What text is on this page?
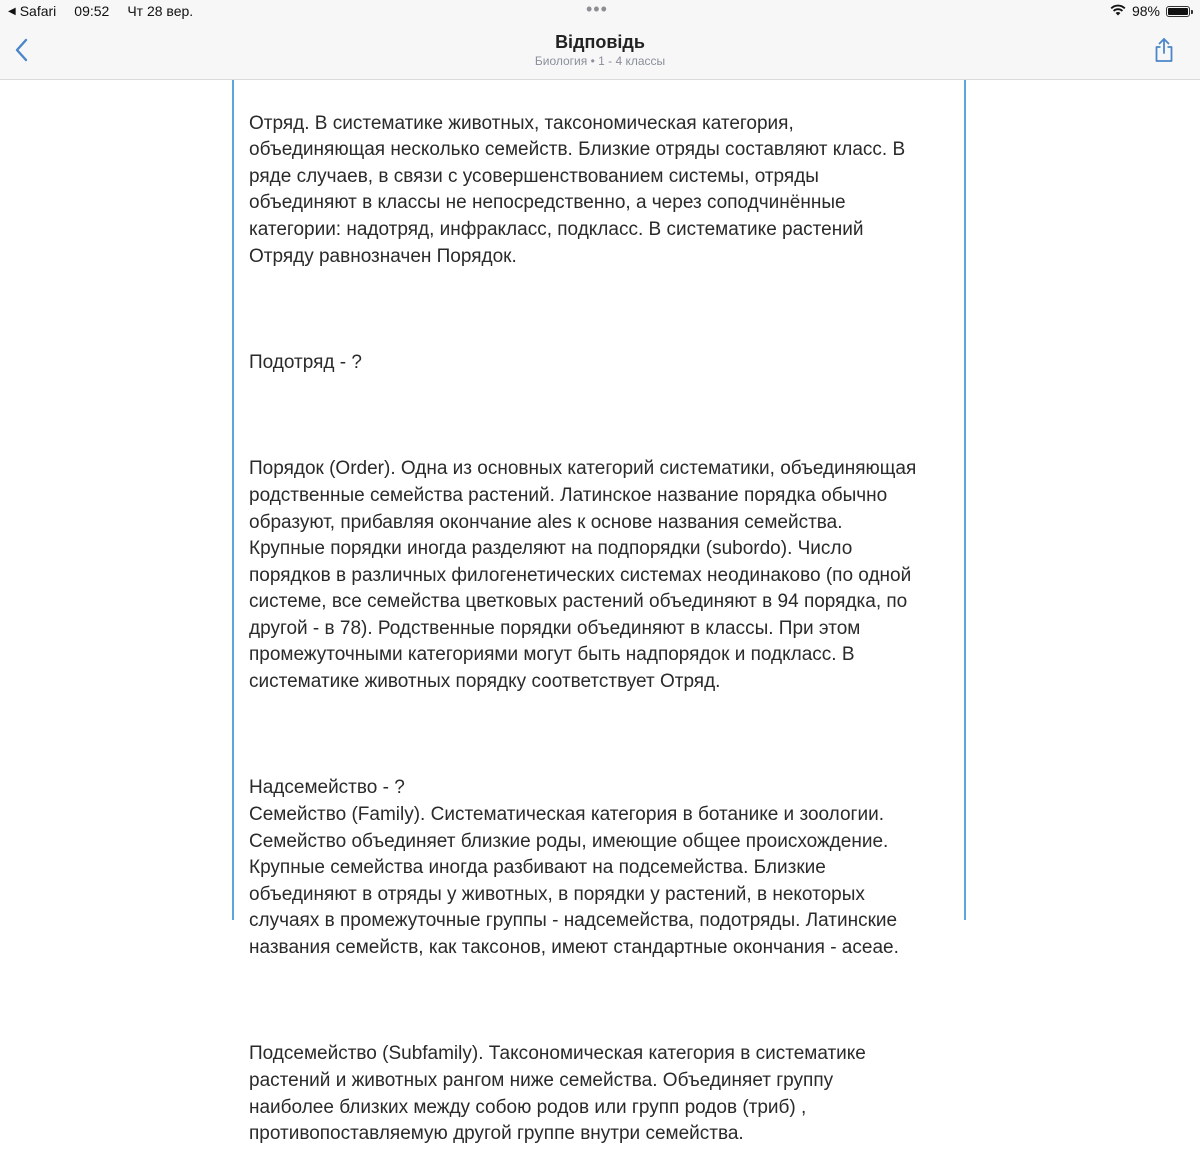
◀ Safari 09:52 Чт 28 вер.	•••	98%
Відповідь
Биология • 1 - 4 классы

Отряд. В систематике животных, таксономическая категория,
объединяющая несколько семейств. Близкие отряды составляют класс. В
ряде случаев, в связи с усовершенствованием системы, отряды
объединяют в классы не непосредственно, а через соподчинённые
категории: надотряд, инфракласс, подкласс. В систематике растений
Отряду равнозначен Порядок.

Подотряд - ?

Порядок (Order). Одна из основных категорий систематики, объединяющая
родственные семейства растений. Латинское название порядка обычно
образуют, прибавляя окончание ales к основе названия семейства.
Крупные порядки иногда разделяют на подпорядки (subordo). Число
порядков в различных филогенетических системах неодинаково (по одной
системе, все семейства цветковых растений объединяют в 94 порядка, по
другой - в 78). Родственные порядки объединяют в классы. При этом
промежуточными категориями могут быть надпорядок и подкласс. В
систематике животных порядку соответствует Отряд.

Надсемейство - ?
Семейство (Family). Систематическая категория в ботанике и зоологии.
Семейство объединяет близкие роды, имеющие общее происхождение.
Крупные семейства иногда разбивают на подсемейства. Близкие
объединяют в отряды у животных, в порядки у растений, в некоторых
случаях в промежуточные группы - надсемейства, подотряды. Латинские
названия семейств, как таксонов, имеют стандартные окончания - aceae.

Подсемейство (Subfamily). Таксономическая категория в систематике
растений и животных рангом ниже семейства. Объединяет группу
наиболее близких между собою родов или групп родов (триб) ,
противопоставляемую другой группе внутри семейства.
